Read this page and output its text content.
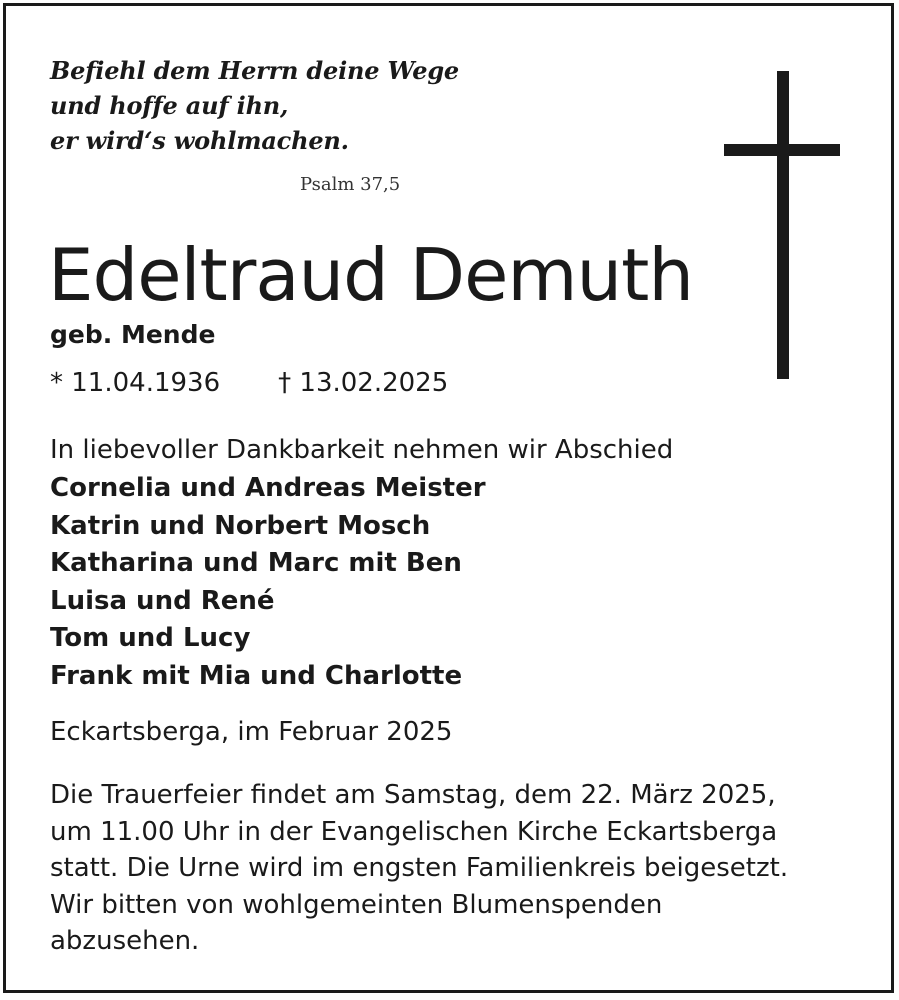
Befiehl dem Herrn deine Wege
und hoffe auf ihn,
er wird‘s wohlmachen.
Psalm 37,5
Edeltraud Demuth
geb. Mende
* 11.04.1936 † 13.02.2025
In liebevoller Dankbarkeit nehmen wir Abschied
Cornelia und Andreas Meister
Katrin und Norbert Mosch
Katharina und Marc mit Ben
Luisa und René
Tom und Lucy
Frank mit Mia und Charlotte
Eckartsberga, im Februar 2025
Die Trauerfeier findet am Samstag, dem 22. März 2025,
um 11.00 Uhr in der Evangelischen Kirche Eckartsberga
statt. Die Urne wird im engsten Familienkreis beigesetzt.
Wir bitten von wohlgemeinten Blumenspenden
abzusehen.
